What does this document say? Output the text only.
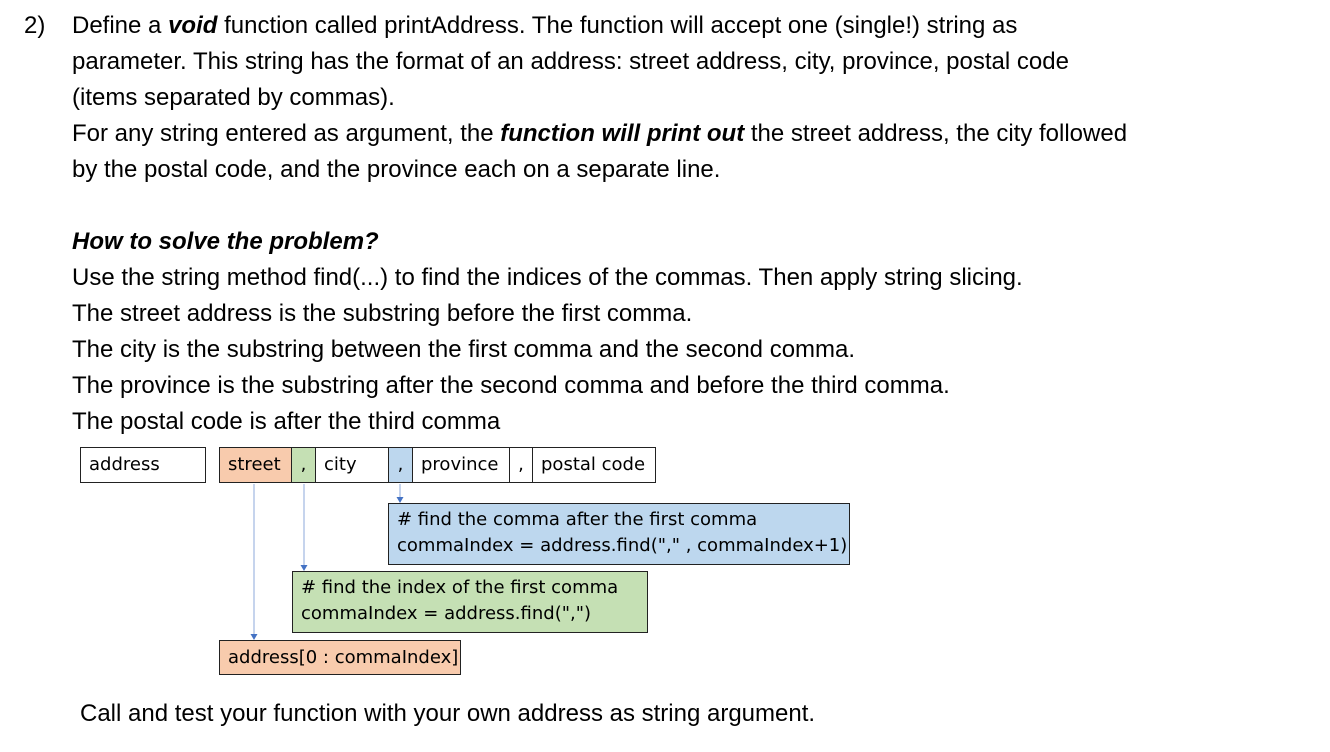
2) Define a void function called printAddress. The function will accept one (single!) string as
parameter. This string has the format of an address: street address, city, province, postal code
(items separated by commas).
For any string entered as argument, the function will print out the street address, the city followed
by the postal code, and the province each on a separate line.
How to solve the problem?
Use the string method find(...) to find the indices of the commas. Then apply string slicing.
The street address is the substring before the first comma.
The city is the substring between the first comma and the second comma.
The province is the substring after the second comma and before the third comma.
The postal code is after the third comma
address	street	, city	, province	, postal code
# find the comma after the first comma
commaIndex = address.find("," , commaIndex+1)
# find the index of the first comma
commaIndex = address.find(",")
address[0 : commaIndex]
Call and test your function with your own address as string argument.
